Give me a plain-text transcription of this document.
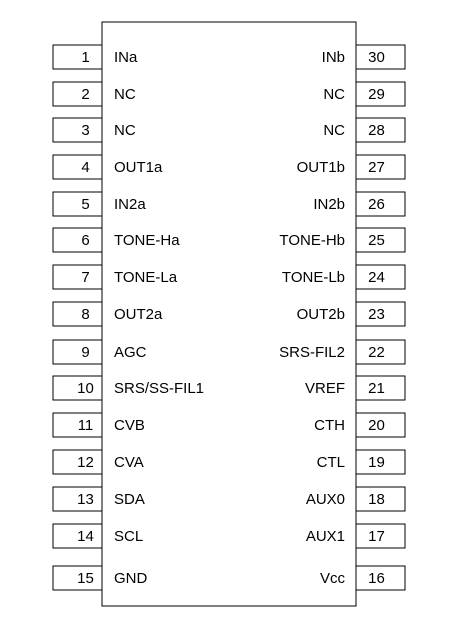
1 INa
2 NC
3 NC
4 OUT1a
5 IN2a
6 TONE-Ha
7 TONE-La
8 OUT2a
9 AGC
10 SRS/SS-FIL1
11 CVB
12 CVA
13 SDA
14 SCL
15 GND
30
INb
29
NC
28
NC
27
OUT1b
26
IN2b
25
TONE-Hb
24
TONE-Lb
23
OUT2b
22
SRS-FIL2
21
VREF
20
CTH
19
CTL
18
AUX0
17
AUX1
16
Vcc
